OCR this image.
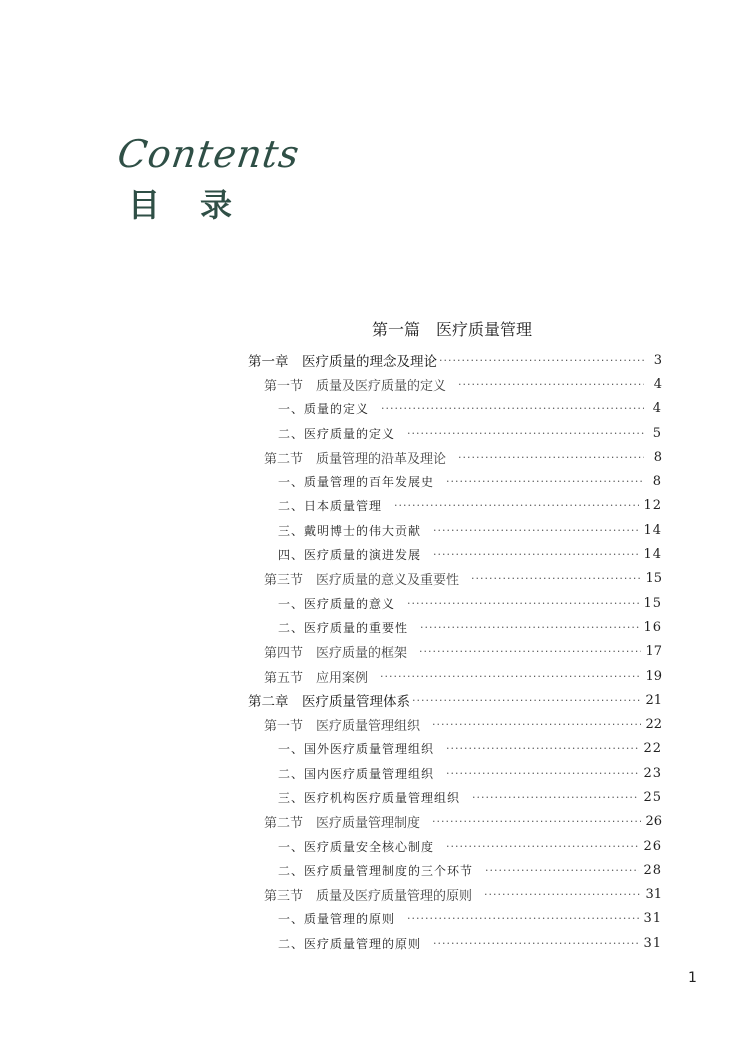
Contents
目录
第一篇　医疗质量管理
第一章　医疗质量的理念及理论 ·····	3
第一节　质量及医疗质量的定义 ·····	4
一、质量的定义 ·····	4
二、医疗质量的定义 ·····	5
第二节　质量管理的沿革及理论 ·····	8
一、质量管理的百年发展史 ·····	8
二、日本质量管理 ·····	12
三、戴明博士的伟大贡献 ·····	14
四、医疗质量的演进发展 ·····	14
第三节　医疗质量的意义及重要性 ·····	15
一、医疗质量的意义 ·····	15
二、医疗质量的重要性 ·····	16
第四节　医疗质量的框架 ·····	17
第五节　应用案例 ·····	19
第二章　医疗质量管理体系 ·····	21
第一节　医疗质量管理组织 ·····	22
一、国外医疗质量管理组织 ·····	22
二、国内医疗质量管理组织 ·····	23
三、医疗机构医疗质量管理组织 ·····	25
第二节　医疗质量管理制度 ·····	26
一、医疗质量安全核心制度 ·····	26
二、医疗质量管理制度的三个环节 ·····	28
第三节　质量及医疗质量管理的原则 ·····	31
一、质量管理的原则 ·····	31
二、医疗质量管理的原则 ·····	31
1
